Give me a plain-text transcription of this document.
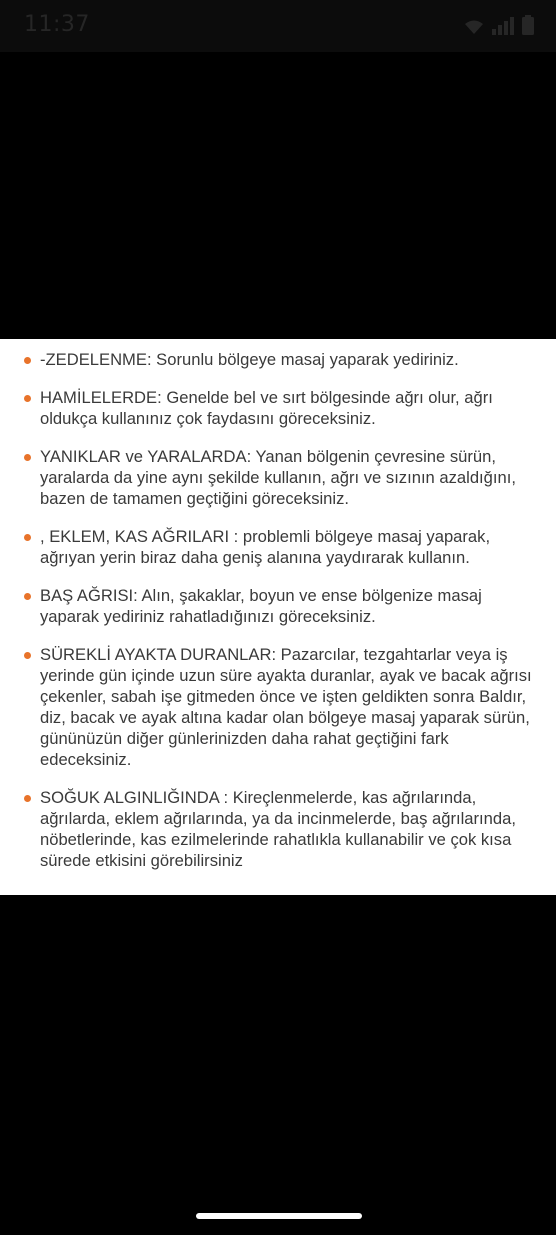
11:37
-ZEDELENME: Sorunlu bölgeye masaj yaparak yediriniz.
HAMİLELERDE: Genelde bel ve sırt bölgesinde ağrı olur, ağrı oldukça kullanınız çok faydasını göreceksiniz.
YANIKLAR ve YARALARDA: Yanan bölgenin çevresine sürün, yaralarda da yine aynı şekilde kullanın, ağrı ve sızının azaldığını, bazen de tamamen geçtiğini göreceksiniz.
, EKLEM, KAS AĞRILARI : problemli bölgeye masaj yaparak, ağrıyan yerin biraz daha geniş alanına yaydırarak kullanın.
BAŞ AĞRISI: Alın, şakaklar, boyun ve ense bölgenize masaj yaparak yediriniz rahatladığınızı göreceksiniz.
SÜREKLİ AYAKTA DURANLAR: Pazarcılar, tezgahtarlar veya iş yerinde gün içinde uzun süre ayakta duranlar, ayak ve bacak ağrısı çekenler, sabah işe gitmeden önce ve işten geldikten sonra Baldır, diz, bacak ve ayak altına kadar olan bölgeye masaj yaparak sürün, gününüzün diğer günlerinizden daha rahat geçtiğini fark edeceksiniz.
SOĞUK ALGINLIĞINDA : Kireçlenmelerde, kas ağrılarında, ağrılarda, eklem ağrılarında, ya da incinmelerde, baş ağrılarında, nöbetlerinde, kas ezilmelerinde rahatlıkla kullanabilir ve çok kısa sürede etkisini görebilirsiniz
